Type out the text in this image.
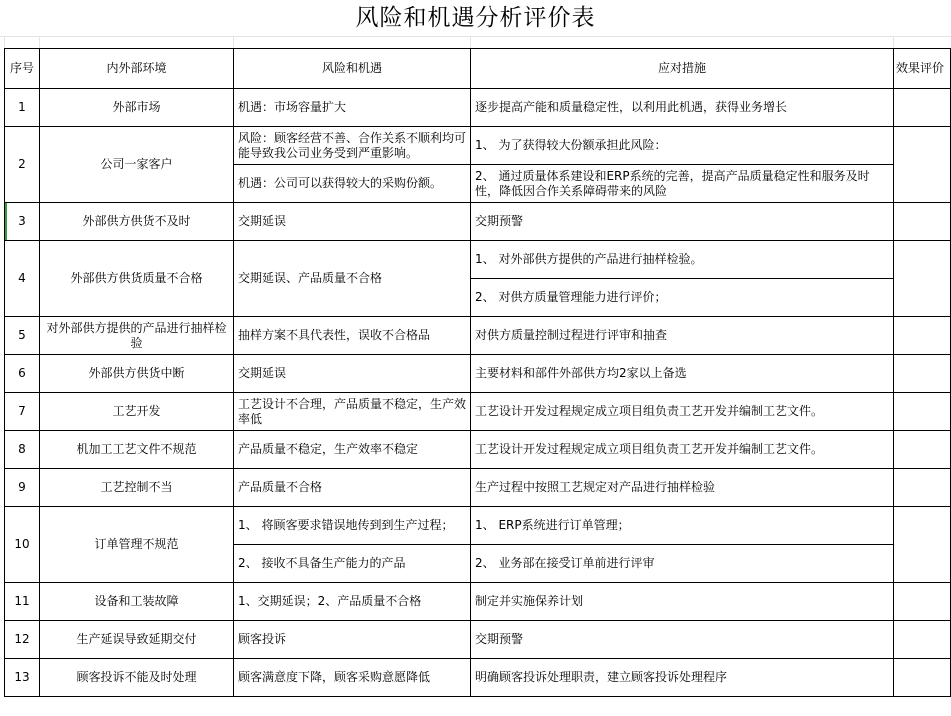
风险和机遇分析评价表
序号	内外部环境	风险和机遇	应对措施	效果评价
1	外部市场	机遇：市场容量扩大	逐步提高产能和质量稳定性，以利用此机遇，获得业务增长	
2	公司一家客户	风险：顾客经营不善、合作关系不顺利均可能导致我公司业务受到严重影响。	1、 为了获得较大份额承担此风险：	
		机遇：公司可以获得较大的采购份额。	2、 通过质量体系建设和ERP系统的完善，提高产品质量稳定性和服务及时性，降低因合作关系障碍带来的风险	
3	外部供方供货不及时	交期延误	交期预警	
4	外部供方供货质量不合格	交期延误、产品质量不合格	1、 对外部供方提供的产品进行抽样检验。	
			2、 对供方质量管理能力进行评价；	
5	对外部供方提供的产品进行抽样检验	抽样方案不具代表性，误收不合格品	对供方质量控制过程进行评审和抽查	
6	外部供方供货中断	交期延误	主要材料和部件外部供方均2家以上备选	
7	工艺开发	工艺设计不合理，产品质量不稳定，生产效率低	工艺设计开发过程规定成立项目组负责工艺开发并编制工艺文件。	
8	机加工工艺文件不规范	产品质量不稳定，生产效率不稳定	工艺设计开发过程规定成立项目组负责工艺开发并编制工艺文件。	
9	工艺控制不当	产品质量不合格	生产过程中按照工艺规定对产品进行抽样检验	
10	订单管理不规范	1、 将顾客要求错误地传到到生产过程；	1、 ERP系统进行订单管理；	
		2、 接收不具备生产能力的产品	2、 业务部在接受订单前进行评审	
11	设备和工装故障	1、交期延误；2、产品质量不合格	制定并实施保养计划	
12	生产延误导致延期交付	顾客投诉	交期预警	
13	顾客投诉不能及时处理	顾客满意度下降，顾客采购意愿降低	明确顾客投诉处理职责，建立顾客投诉处理程序	
